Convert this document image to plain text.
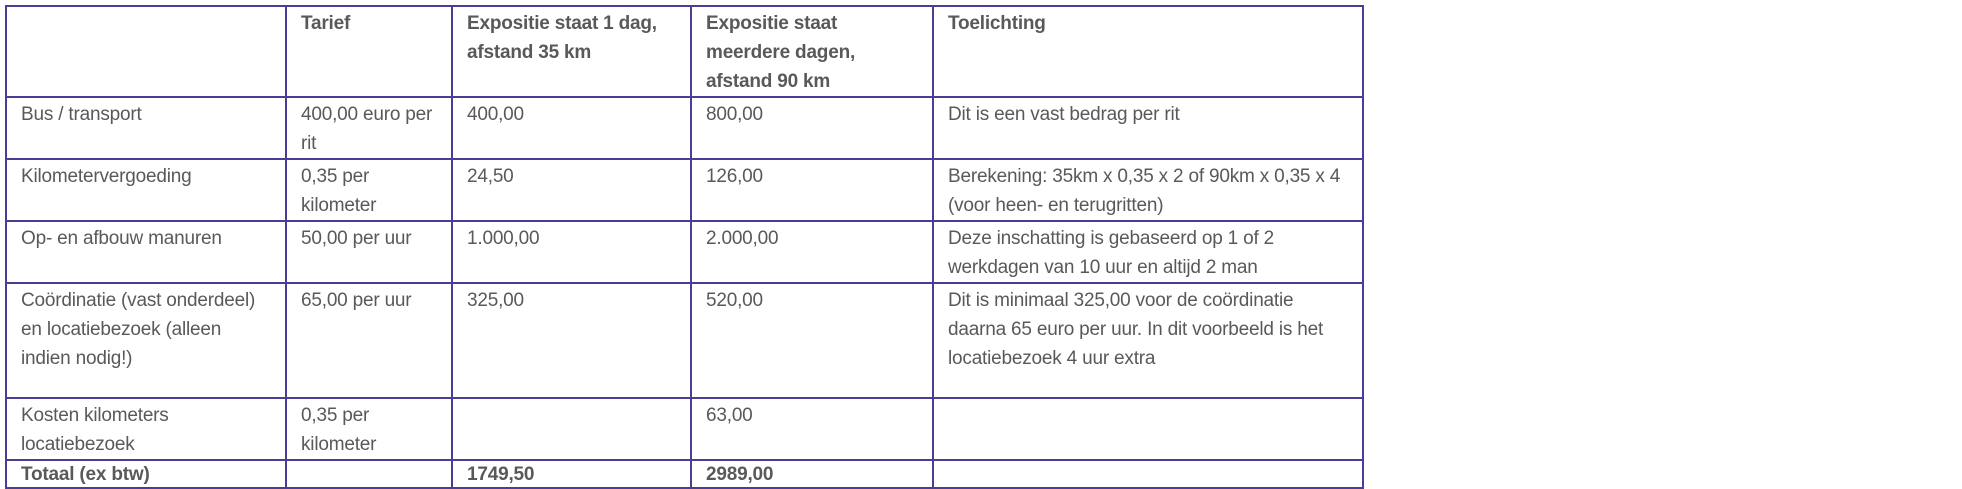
	Tarief	Expositie staat 1 dag, afstand 35 km	Expositie staat meerdere dagen, afstand 90 km	Toelichting
Bus / transport	400,00 euro per rit	400,00	800,00	Dit is een vast bedrag per rit
Kilometervergoeding	0,35 per kilometer	24,50	126,00	Berekening: 35km x 0,35 x 2 of 90km x 0,35 x 4 (voor heen- en terugritten)
Op- en afbouw manuren	50,00 per uur	1.000,00	2.000,00	Deze inschatting is gebaseerd op 1 of 2 werkdagen van 10 uur en altijd 2 man
Coördinatie (vast onderdeel) en locatiebezoek (alleen indien nodig!)	65,00 per uur	325,00	520,00	Dit is minimaal 325,00 voor de coördinatie daarna 65 euro per uur. In dit voorbeeld is het locatiebezoek 4 uur extra
Kosten kilometers locatiebezoek	0,35 per kilometer		63,00	
Totaal (ex btw)		1749,50	2989,00	
